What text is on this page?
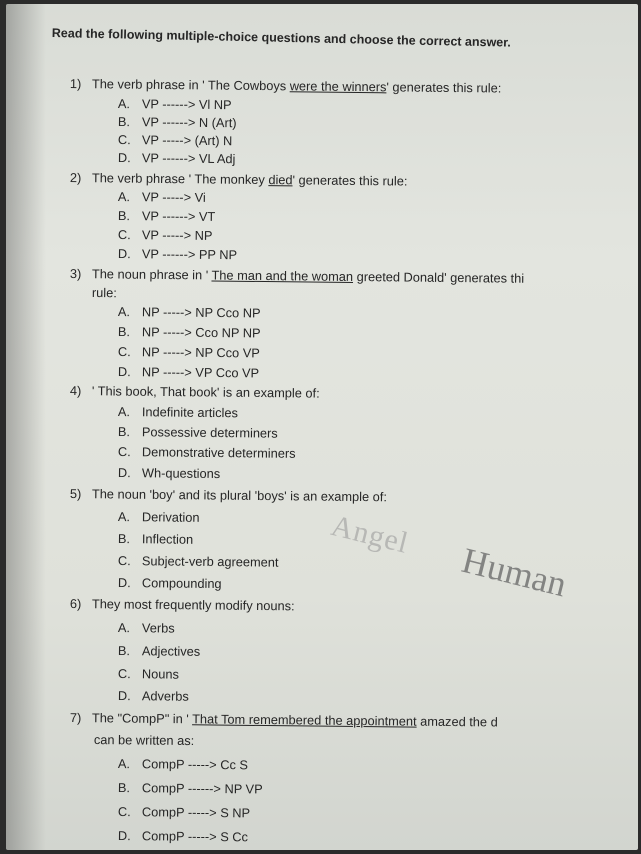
Read the following multiple-choice questions and choose the correct answer.
1) The verb phrase in ' The Cowboys were the winners' generates this rule:
A. VP ------> Vl NP
B. VP ------> N (Art)
C. VP -----> (Art) N
D. VP ------> VL Adj
2) The verb phrase ' The monkey died' generates this rule:
A. VP -----> Vi
B. VP ------> VT
C. VP -----> NP
D. VP ------> PP NP
3) The noun phrase in ' The man and the woman greeted Donald' generates thi
rule:
A. NP -----> NP Cco NP
B. NP -----> Cco NP NP
C. NP -----> NP Cco VP
D. NP -----> VP Cco VP
4) ' This book, That book' is an example of:
A. Indefinite articles
B. Possessive determiners
C. Demonstrative determiners
D. Wh-questions
5) The noun 'boy' and its plural 'boys' is an example of:
A. Derivation
B. Inflection
C. Subject-verb agreement
D. Compounding
6) They most frequently modify nouns:
A. Verbs
B. Adjectives
C. Nouns
D. Adverbs
7) The "CompP" in ' That Tom remembered the appointment amazed the d
can be written as:
A. CompP -----> Cc S
B. CompP ------> NP VP
C. CompP -----> S NP
D. CompP -----> S Cc
Angel
Human
